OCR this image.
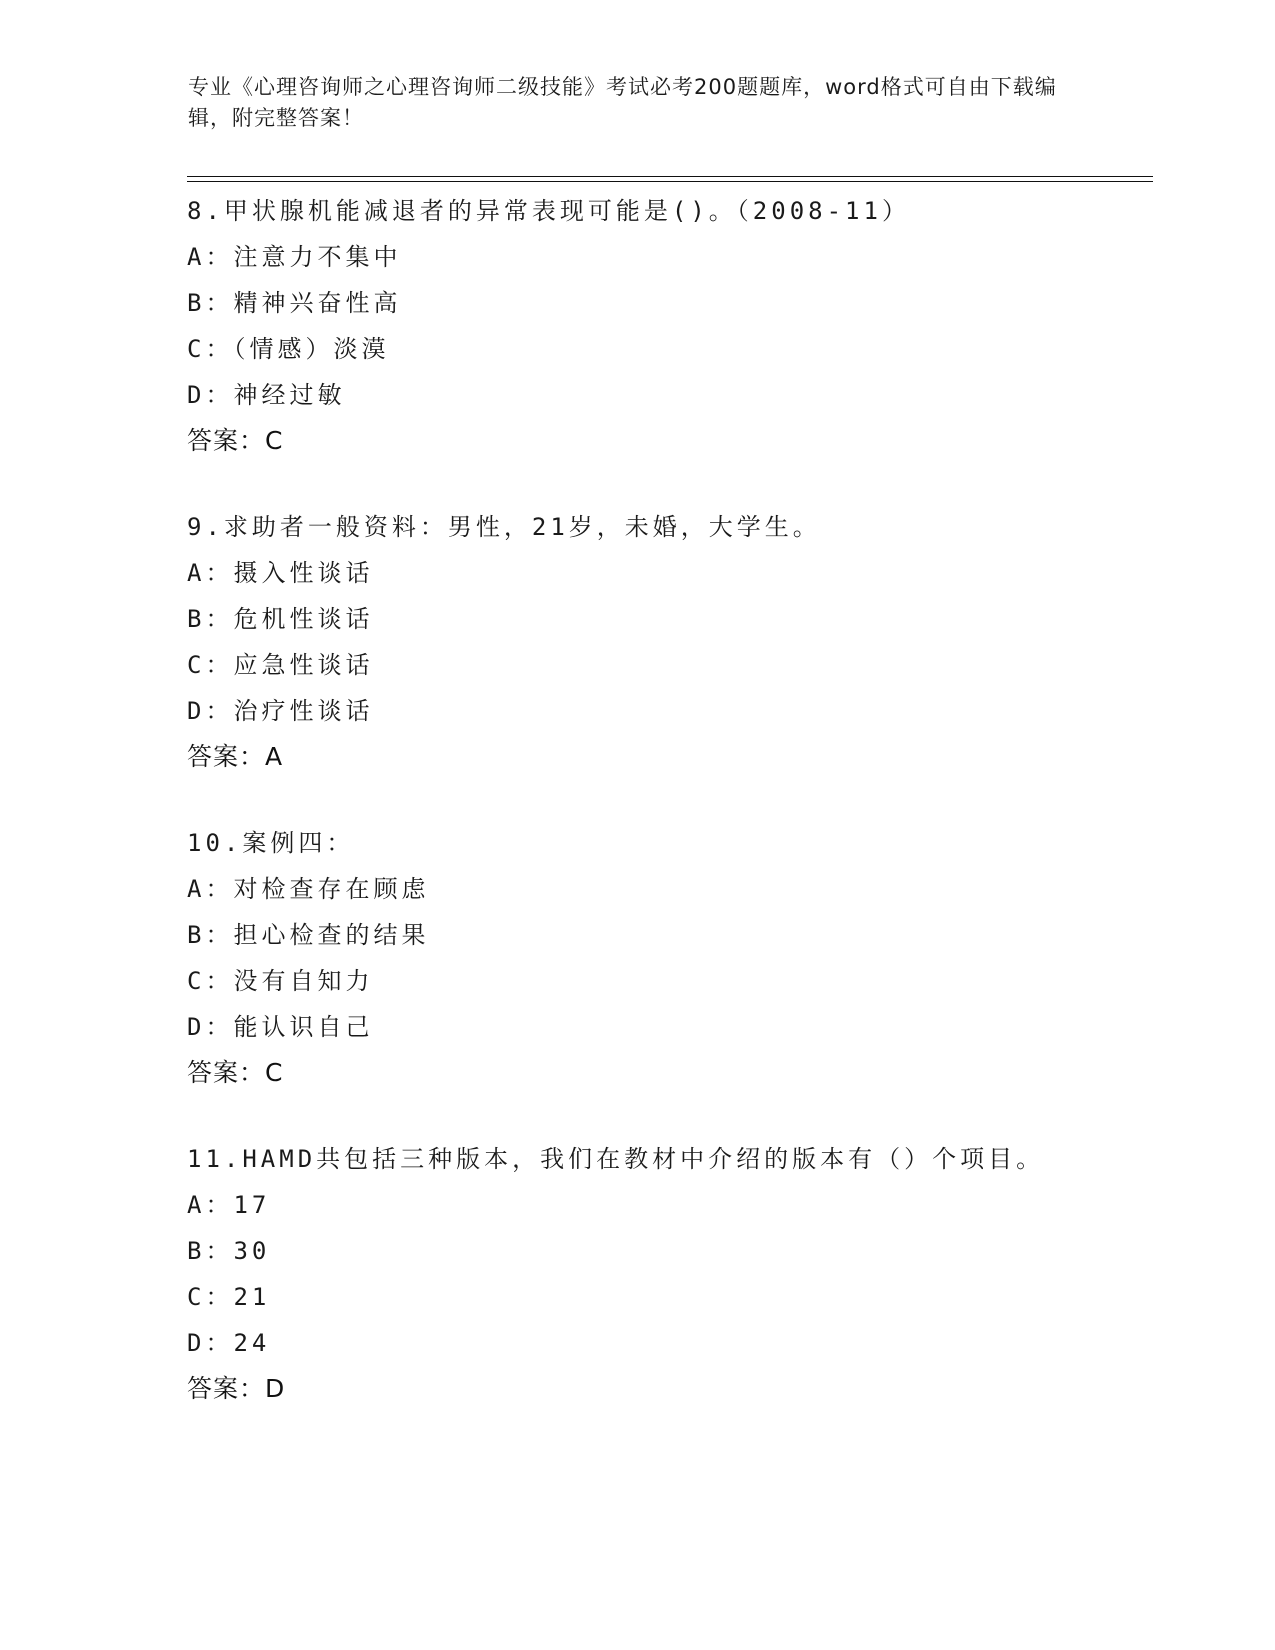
专业《心理咨询师之心理咨询师二级技能》考试必考200题题库，word格式可自由下载编辑，附完整答案！
8.甲状腺机能减退者的异常表现可能是()。（2008-11）
A：注意力不集中
B：精神兴奋性高
C：（情感）淡漠
D：神经过敏
答案：C
9.求助者一般资料：男性，21岁，未婚，大学生。
A：摄入性谈话
B：危机性谈话
C：应急性谈话
D：治疗性谈话
答案：A
10.案例四：
A：对检查存在顾虑
B：担心检查的结果
C：没有自知力
D：能认识自己
答案：C
11.HAMD共包括三种版本，我们在教材中介绍的版本有（）个项目。
A：17
B：30
C：21
D：24
答案：D
